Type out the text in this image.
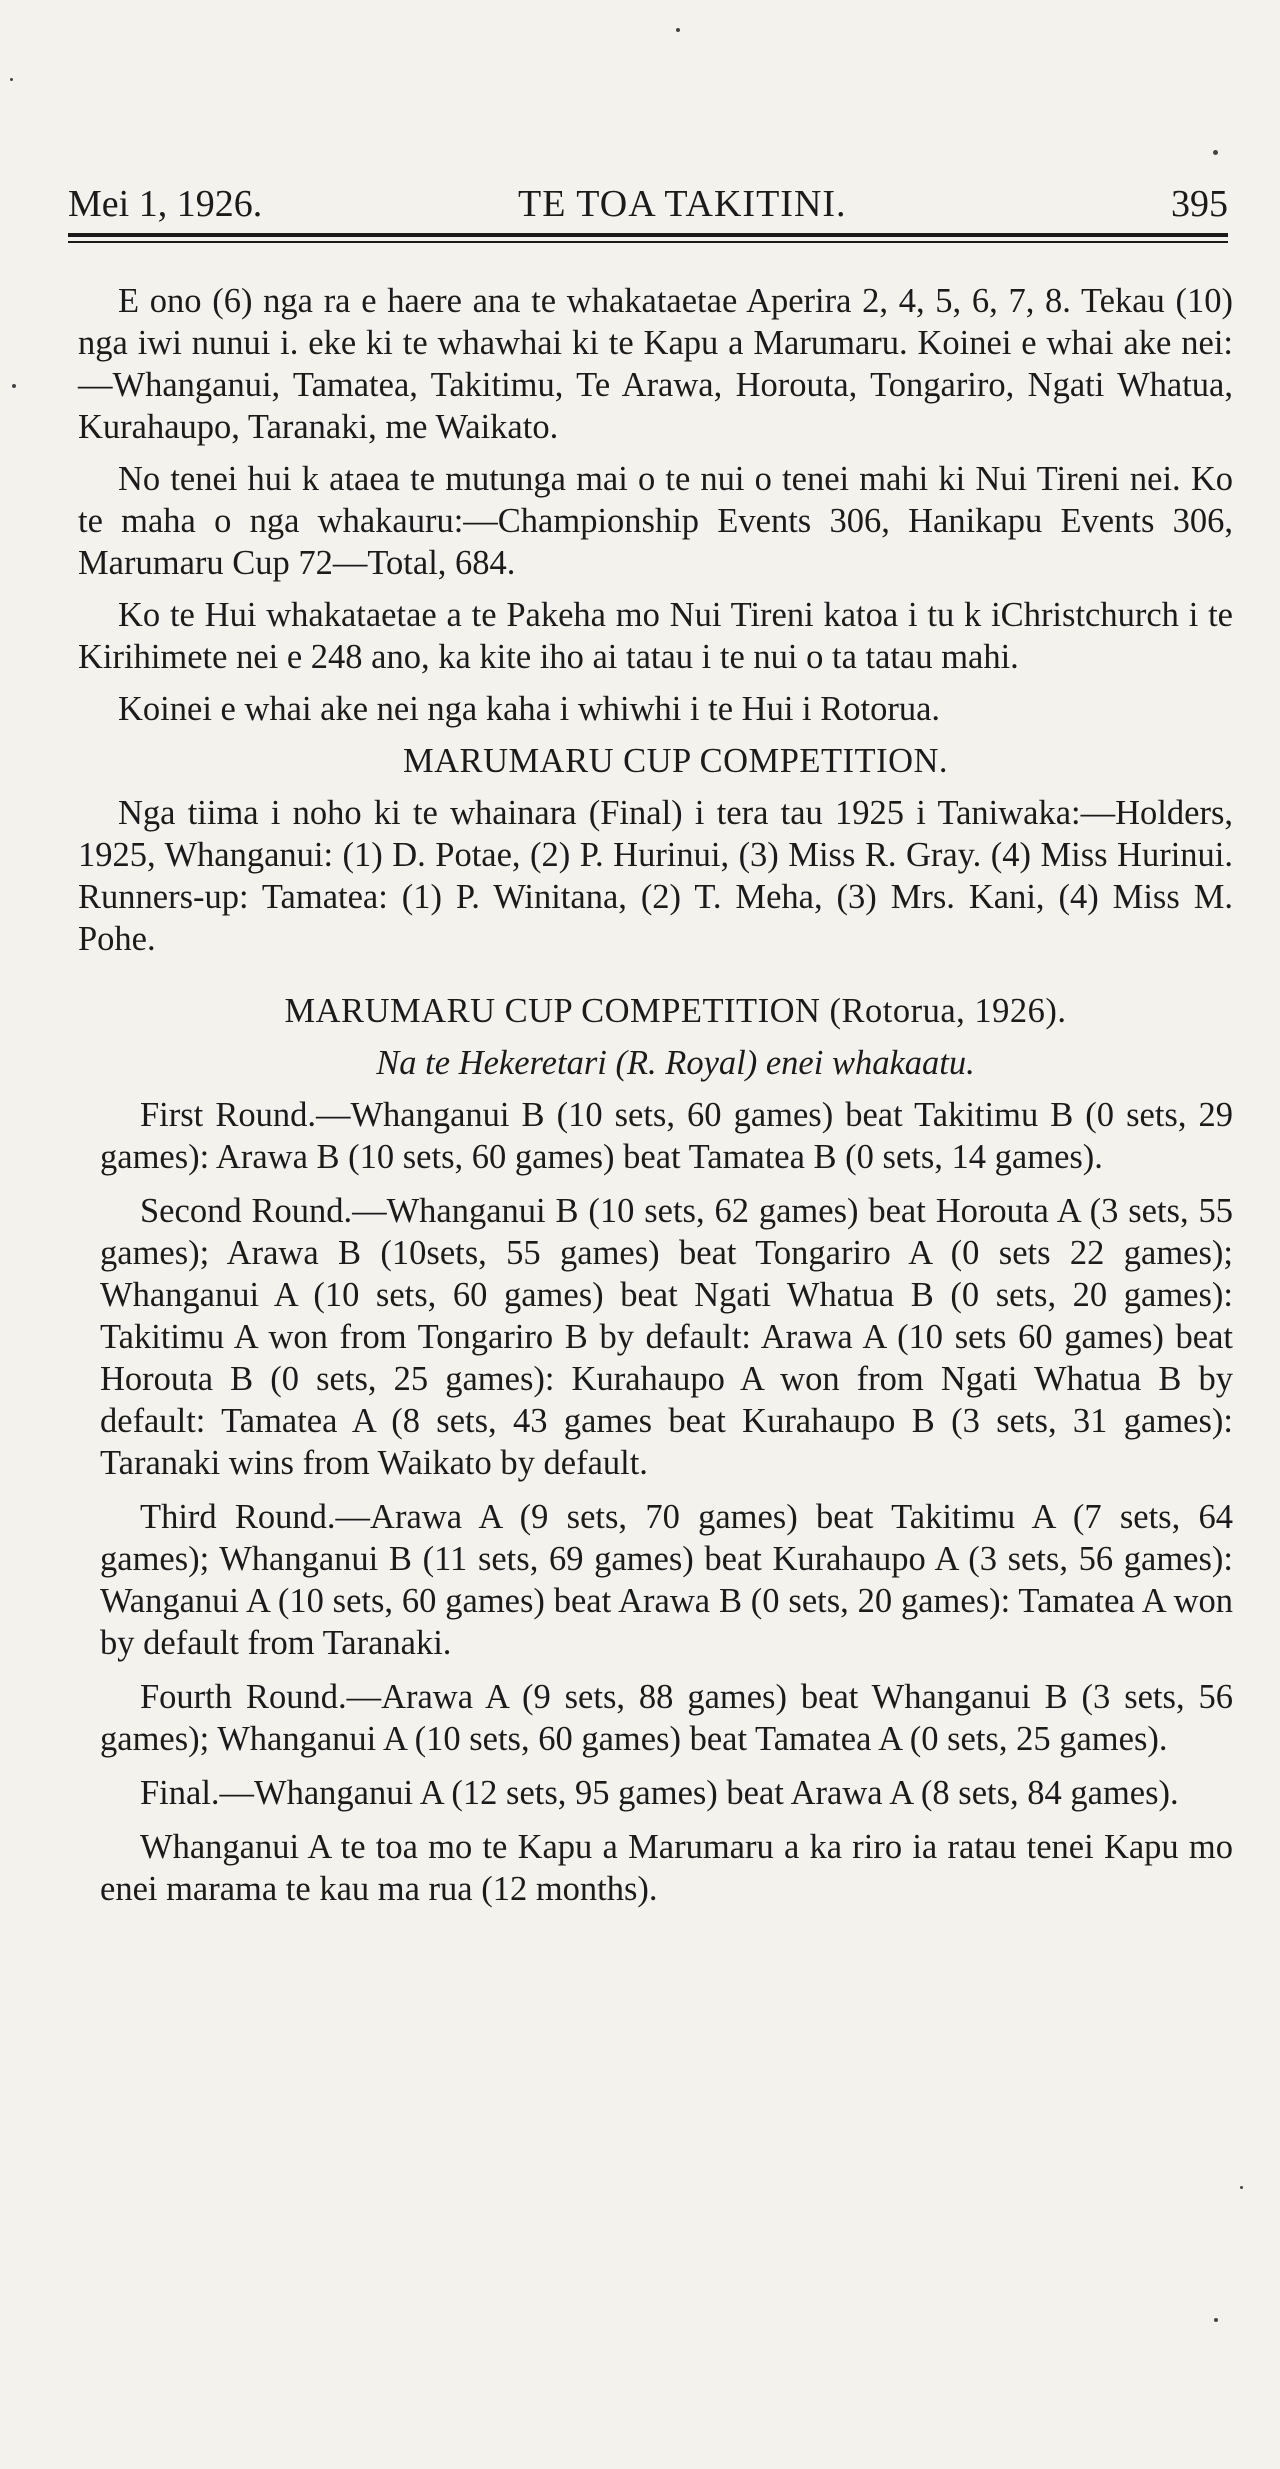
Mei 1, 1926.	TE TOA TAKITINI.	395

E ono (6) nga ra e haere ana te whakataetae Aperira 2, 4, 5, 6, 7, 8. Tekau (10) nga iwi nunui i. eke ki te whawhai ki te Kapu a Marumaru. Koinei e whai ake nei:—Whanganui, Tamatea, Takitimu, Te Arawa, Horouta, Tongariro, Ngati Whatua, Kurahaupo, Taranaki, me Waikato.

No tenei hui k ataea te mutunga mai o te nui o tenei mahi ki Nui Tireni nei. Ko te maha o nga whakauru:—Championship Events 306, Hanikapu Events 306, Marumaru Cup 72—Total, 684.

Ko te Hui whakataetae a te Pakeha mo Nui Tireni katoa i tu k iChristchurch i te Kirihimete nei e 248 ano, ka kite iho ai tatau i te nui o ta tatau mahi.

Koinei e whai ake nei nga kaha i whiwhi i te Hui i Rotorua.

MARUMARU CUP COMPETITION.

Nga tiima i noho ki te whainara (Final) i tera tau 1925 i Taniwaka:—Holders, 1925, Whanganui: (1) D. Potae, (2) P. Hurinui, (3) Miss R. Gray. (4) Miss Hurinui. Runners-up: Tamatea: (1) P. Winitana, (2) T. Meha, (3) Mrs. Kani, (4) Miss M. Pohe.

MARUMARU CUP COMPETITION (Rotorua, 1926).

Na te Hekeretari (R. Royal) enei whakaatu.

First Round.—Whanganui B (10 sets, 60 games) beat Takitimu B (0 sets, 29 games): Arawa B (10 sets, 60 games) beat Tamatea B (0 sets, 14 games).

Second Round.—Whanganui B (10 sets, 62 games) beat Horouta A (3 sets, 55 games); Arawa B (10sets, 55 games) beat Tongariro A (0 sets 22 games); Whanganui A (10 sets, 60 games) beat Ngati Whatua B (0 sets, 20 games): Takitimu A won from Tongariro B by default: Arawa A (10 sets 60 games) beat Horouta B (0 sets, 25 games): Kurahaupo A won from Ngati Whatua B by default: Tamatea A (8 sets, 43 games beat Kurahaupo B (3 sets, 31 games): Taranaki wins from Waikato by default.

Third Round.—Arawa A (9 sets, 70 games) beat Takitimu A (7 sets, 64 games); Whanganui B (11 sets, 69 games) beat Kurahaupo A (3 sets, 56 games): Wanganui A (10 sets, 60 games) beat Arawa B (0 sets, 20 games): Tamatea A won by default from Taranaki.

Fourth Round.—Arawa A (9 sets, 88 games) beat Whanganui B (3 sets, 56 games); Whanganui A (10 sets, 60 games) beat Tamatea A (0 sets, 25 games).

Final.—Whanganui A (12 sets, 95 games) beat Arawa A (8 sets, 84 games).

Whanganui A te toa mo te Kapu a Marumaru a ka riro ia ratau tenei Kapu mo enei marama te kau ma rua (12 months).
